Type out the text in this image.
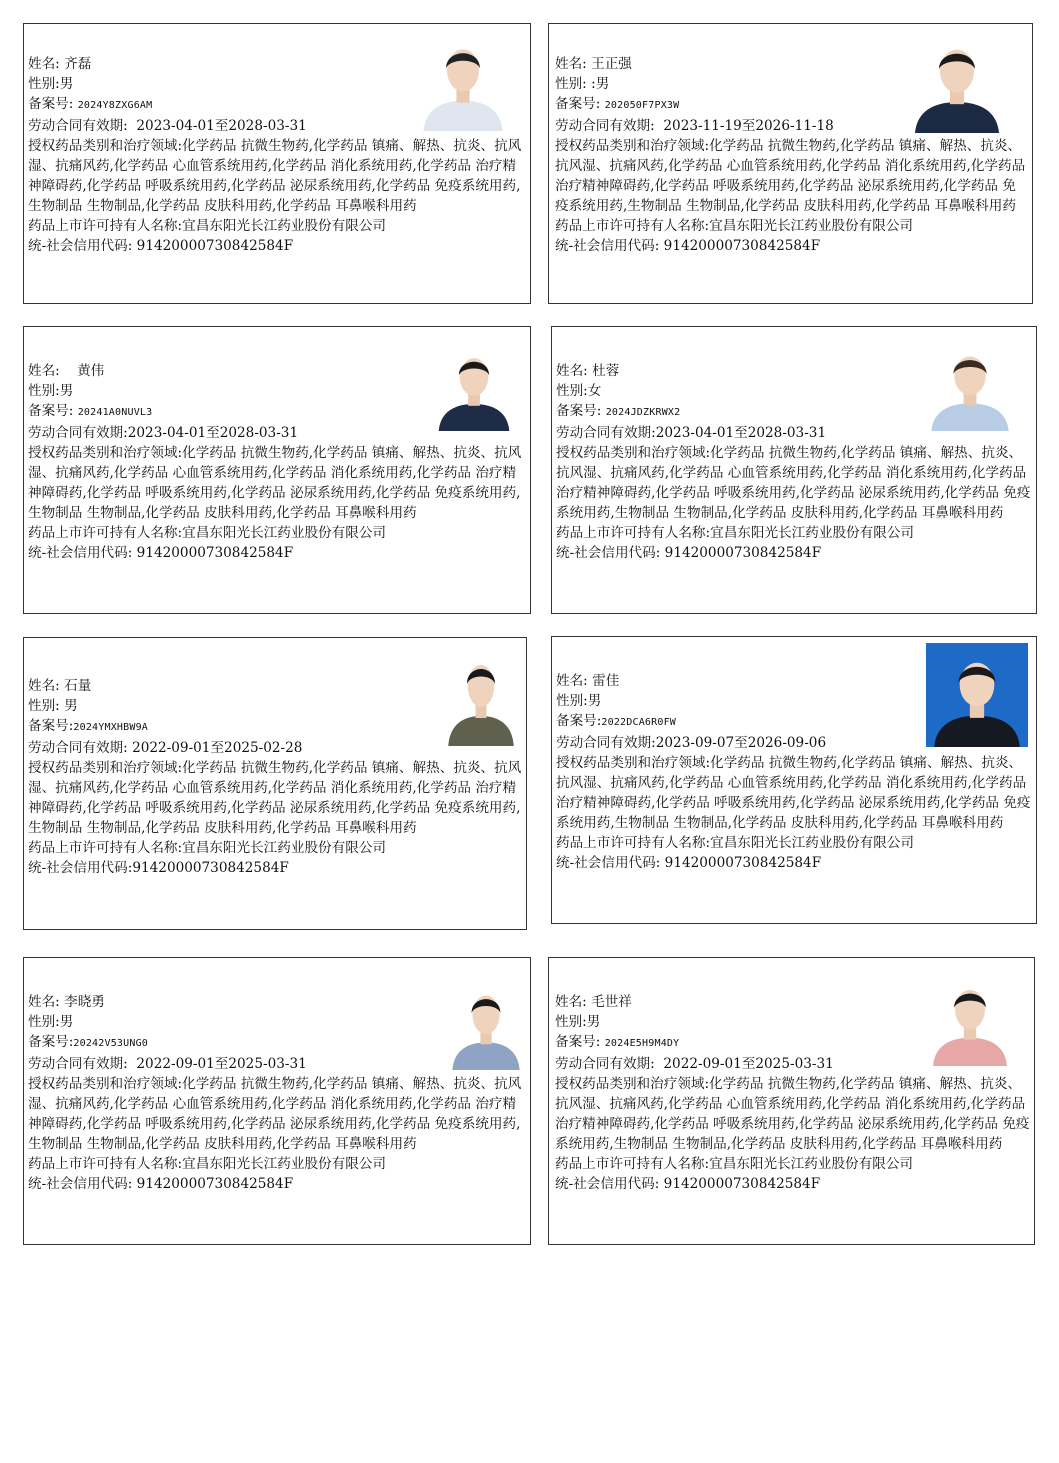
姓名: 齐磊
性别:男
备案号: 2024Y8ZXG6AM
劳动合同有效期: 2023-04-01至2028-03-31
授权药品类别和治疗领域:化学药品 抗微生物药,化学药品 镇痛、解热、抗炎、抗风湿、抗痛风药,化学药品 心血管系统用药,化学药品 消化系统用药,化学药品 治疗精神障碍药,化学药品 呼吸系统用药,化学药品 泌尿系统用药,化学药品 免疫系统用药,生物制品 生物制品,化学药品 皮肤科用药,化学药品 耳鼻喉科用药
药品上市许可持有人名称:宜昌东阳光长江药业股份有限公司
统-社会信用代码: 91420000730842584F
姓名: 王正强
性别: :男
备案号: 202050F7PX3W
劳动合同有效期: 2023-11-19至2026-11-18
授权药品类别和治疗领域:化学药品 抗微生物药,化学药品 镇痛、解热、抗炎、抗风湿、抗痛风药,化学药品 心血管系统用药,化学药品 消化系统用药,化学药品 治疗精神障碍药,化学药品 呼吸系统用药,化学药品 泌尿系统用药,化学药品 免疫系统用药,生物制品 生物制品,化学药品 皮肤科用药,化学药品 耳鼻喉科用药
药品上市许可持有人名称:宜昌东阳光长江药业股份有限公司
统-社会信用代码: 91420000730842584F
姓名: 黄伟
性别:男
备案号: 20241A0NUVL3
劳动合同有效期:2023-04-01至2028-03-31
授权药品类别和治疗领域:化学药品 抗微生物药,化学药品 镇痛、解热、抗炎、抗风湿、抗痛风药,化学药品 心血管系统用药,化学药品 消化系统用药,化学药品 治疗精神障碍药,化学药品 呼吸系统用药,化学药品 泌尿系统用药,化学药品 免疫系统用药,生物制品 生物制品,化学药品 皮肤科用药,化学药品 耳鼻喉科用药
药品上市许可持有人名称:宜昌东阳光长江药业股份有限公司
统-社会信用代码: 91420000730842584F
姓名: 杜蓉
性别:女
备案号: 2024JDZKRWX2
劳动合同有效期:2023-04-01至2028-03-31
授权药品类别和治疗领域:化学药品 抗微生物药,化学药品 镇痛、解热、抗炎、抗风湿、抗痛风药,化学药品 心血管系统用药,化学药品 消化系统用药,化学药品 治疗精神障碍药,化学药品 呼吸系统用药,化学药品 泌尿系统用药,化学药品 免疫系统用药,生物制品 生物制品,化学药品 皮肤科用药,化学药品 耳鼻喉科用药
药品上市许可持有人名称:宜昌东阳光长江药业股份有限公司
统-社会信用代码: 91420000730842584F
姓名: 石量
性别: 男
备案号:2024YMXHBW9A
劳动合同有效期: 2022-09-01至2025-02-28
授权药品类别和治疗领域:化学药品 抗微生物药,化学药品 镇痛、解热、抗炎、抗风湿、抗痛风药,化学药品 心血管系统用药,化学药品 消化系统用药,化学药品 治疗精神障碍药,化学药品 呼吸系统用药,化学药品 泌尿系统用药,化学药品 免疫系统用药,生物制品 生物制品,化学药品 皮肤科用药,化学药品 耳鼻喉科用药
药品上市许可持有人名称:宜昌东阳光长江药业股份有限公司
统-社会信用代码:91420000730842584F
姓名: 雷佳
性别:男
备案号:2022DCA6R0FW
劳动合同有效期:2023-09-07至2026-09-06
授权药品类别和治疗领域:化学药品 抗微生物药,化学药品 镇痛、解热、抗炎、抗风湿、抗痛风药,化学药品 心血管系统用药,化学药品 消化系统用药,化学药品 治疗精神障碍药,化学药品 呼吸系统用药,化学药品 泌尿系统用药,化学药品 免疫系统用药,生物制品 生物制品,化学药品 皮肤科用药,化学药品 耳鼻喉科用药
药品上市许可持有人名称:宜昌东阳光长江药业股份有限公司
统-社会信用代码: 91420000730842584F
姓名: 李晓勇
性别:男
备案号:20242V53UNG0
劳动合同有效期: 2022-09-01至2025-03-31
授权药品类别和治疗领域:化学药品 抗微生物药,化学药品 镇痛、解热、抗炎、抗风湿、抗痛风药,化学药品 心血管系统用药,化学药品 消化系统用药,化学药品 治疗精神障碍药,化学药品 呼吸系统用药,化学药品 泌尿系统用药,化学药品 免疫系统用药,生物制品 生物制品,化学药品 皮肤科用药,化学药品 耳鼻喉科用药
药品上市许可持有人名称:宜昌东阳光长江药业股份有限公司
统-社会信用代码: 91420000730842584F
姓名: 毛世祥
性别:男
备案号: 2024E5H9M4DY
劳动合同有效期: 2022-09-01至2025-03-31
授权药品类别和治疗领域:化学药品 抗微生物药,化学药品 镇痛、解热、抗炎、抗风湿、抗痛风药,化学药品 心血管系统用药,化学药品 消化系统用药,化学药品 治疗精神障碍药,化学药品 呼吸系统用药,化学药品 泌尿系统用药,化学药品 免疫系统用药,生物制品 生物制品,化学药品 皮肤科用药,化学药品 耳鼻喉科用药
药品上市许可持有人名称:宜昌东阳光长江药业股份有限公司
统-社会信用代码: 91420000730842584F
